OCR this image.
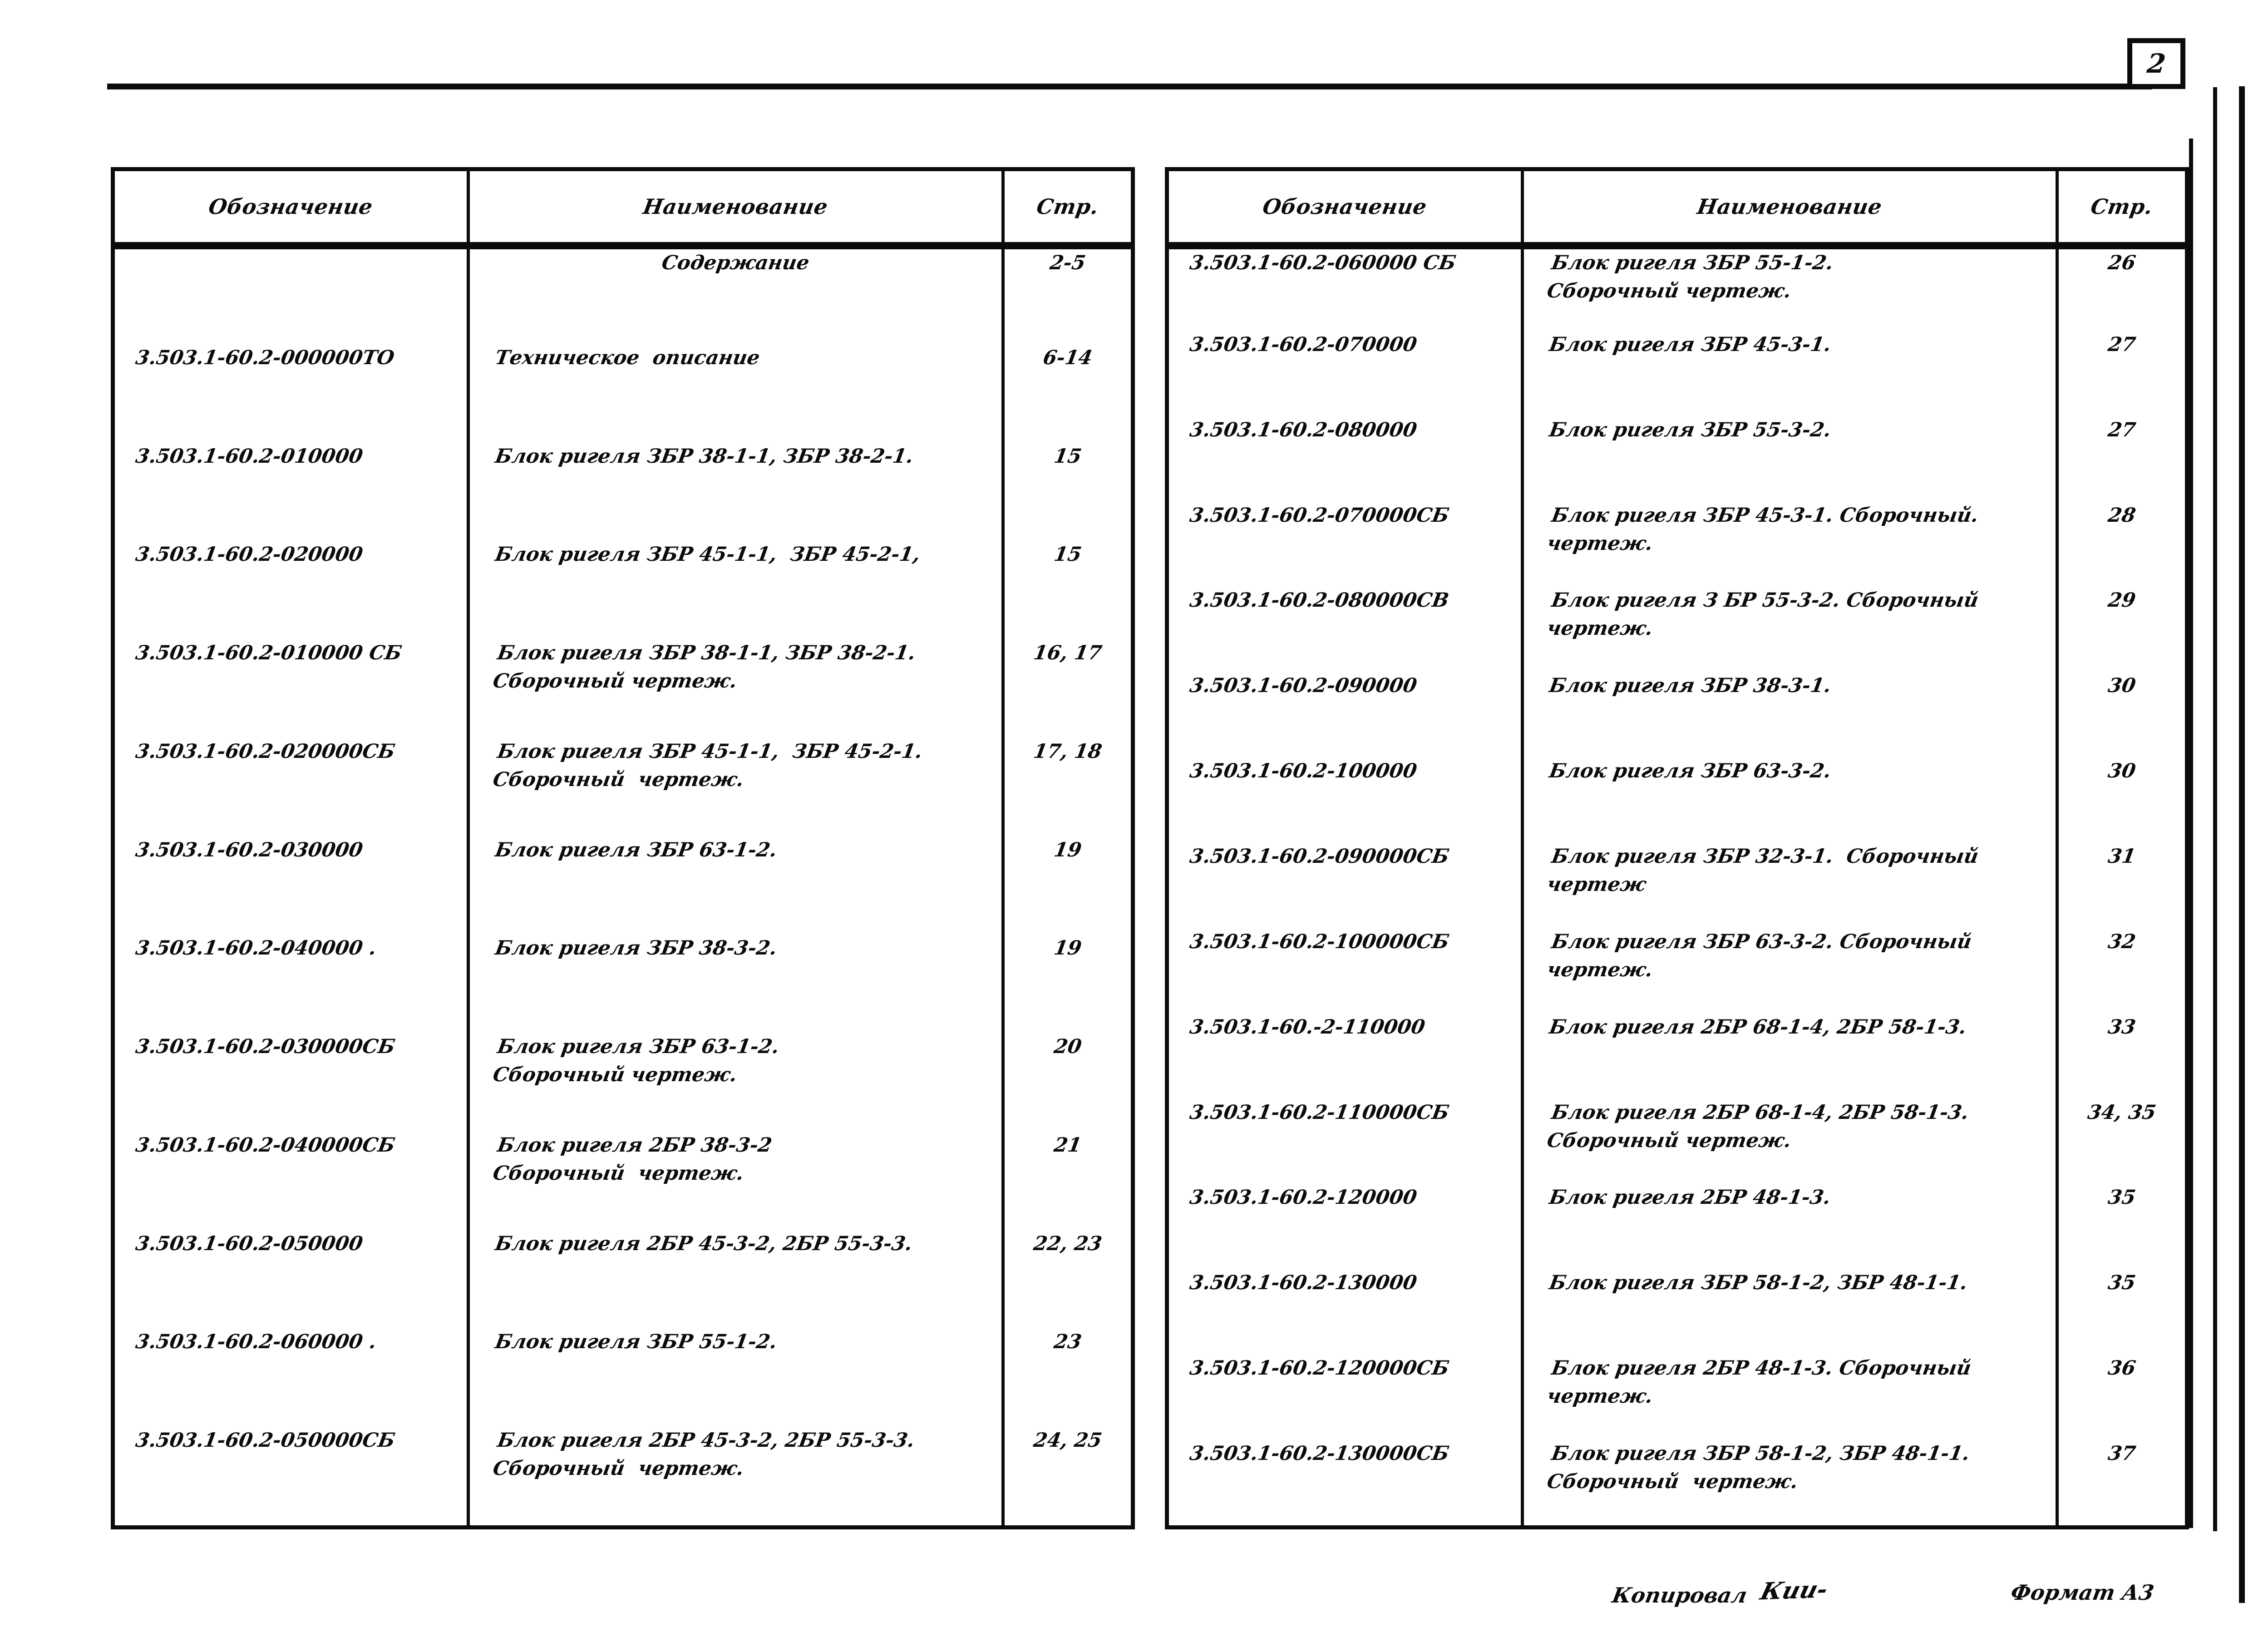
2
Обозначение	Наименование	Стр.

	Содержание	2-5

3.503.1-60.2-000000ТО	Техническое  описание	6-14

3.503.1-60.2-010000	Блок ригеля ЗБР 38-1-1, ЗБР 38-2-1.	15

3.503.1-60.2-020000	Блок ригеля ЗБР 45-1-1,  ЗБР 45-2-1,	15

3.503.1-60.2-010000 СБ	Блок ригеля ЗБР 38-1-1, ЗБР 38-2-1.
Сборочный чертеж.	16, 17

3.503.1-60.2-020000СБ	Блок ригеля ЗБР 45-1-1,  ЗБР 45-2-1.
Сборочный  чертеж.	17, 18

3.503.1-60.2-030000	Блок ригеля ЗБР 63-1-2.	19

3.503.1-60.2-040000 .	Блок ригеля ЗБР 38-3-2.	19

3.503.1-60.2-030000СБ	Блок ригеля ЗБР 63-1-2.
Сборочный чертеж.	20

3.503.1-60.2-040000СБ	Блок ригеля 2БР 38-3-2
Сборочный  чертеж.	21

3.503.1-60.2-050000	Блок ригеля 2БР 45-3-2, 2БР 55-3-3.	22, 23

3.503.1-60.2-060000 .	Блок ригеля ЗБР 55-1-2.	23

3.503.1-60.2-050000СБ	Блок ригеля 2БР 45-3-2, 2БР 55-3-3.
Сборочный  чертеж.	24, 25
Обозначение	Наименование	Стр.

3.503.1-60.2-060000 СБ	Блок ригеля ЗБР 55-1-2.
Сборочный чертеж.	26

3.503.1-60.2-070000	Блок ригеля ЗБР 45-3-1.	27

3.503.1-60.2-080000	Блок ригеля ЗБР 55-3-2.	27

3.503.1-60.2-070000СБ	Блок ригеля ЗБР 45-3-1. Сборочный.
чертеж.	28

3.503.1-60.2-080000СВ	Блок ригеля З БР 55-3-2. Сборочный
чертеж.	29

3.503.1-60.2-090000	Блок ригеля ЗБР 38-3-1.	30

3.503.1-60.2-100000	Блок ригеля ЗБР 63-3-2.	30

3.503.1-60.2-090000СБ	Блок ригеля ЗБР 32-3-1.  Сборочный
чертеж	31

3.503.1-60.2-100000СБ	Блок ригеля ЗБР 63-3-2. Сборочный
чертеж.	32

3.503.1-60.-2-110000	Блок ригеля 2БР 68-1-4, 2БР 58-1-3.	33

3.503.1-60.2-110000СБ	Блок ригеля 2БР 68-1-4, 2БР 58-1-3.
Сборочный чертеж.	34, 35

3.503.1-60.2-120000	Блок ригеля 2БР 48-1-3.	35

3.503.1-60.2-130000	Блок ригеля ЗБР 58-1-2, ЗБР 48-1-1.	35

3.503.1-60.2-120000СБ	Блок ригеля 2БР 48-1-3. Сборочный
чертеж.	36

3.503.1-60.2-130000СБ	Блок ригеля ЗБР 58-1-2, ЗБР 48-1-1.
Сборочный  чертеж.	37
Копировал Кии-	Формат А3
